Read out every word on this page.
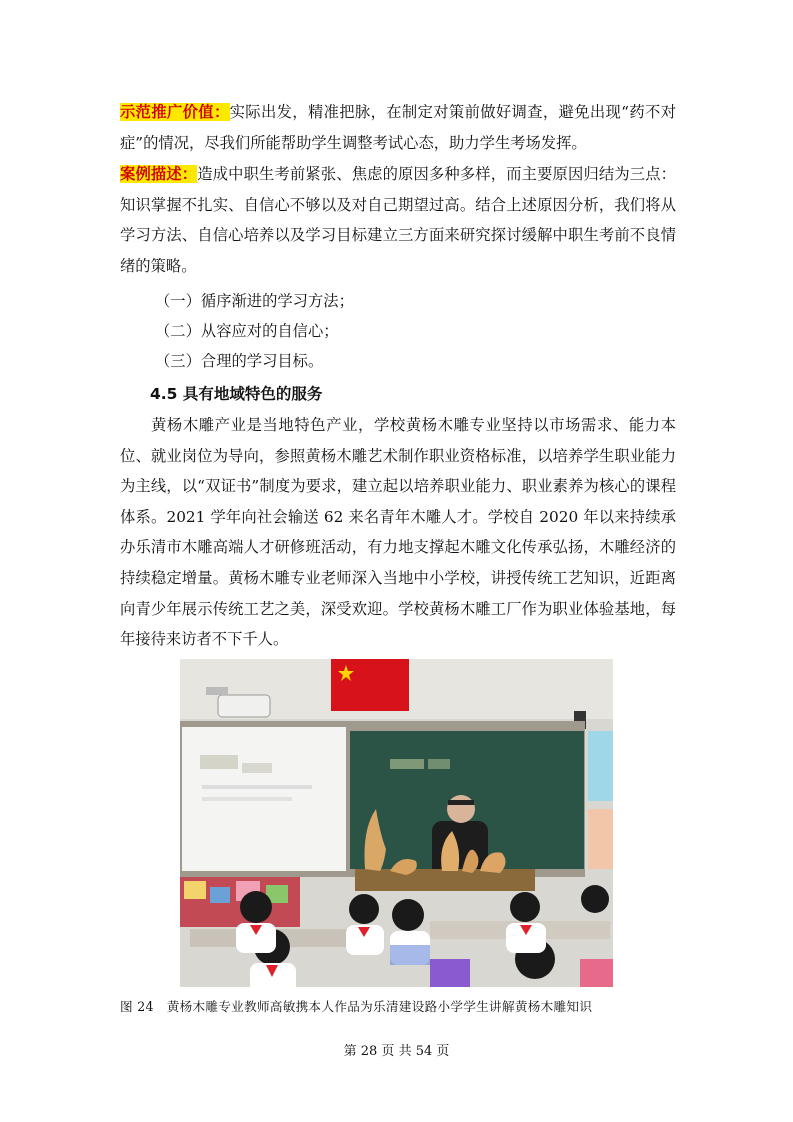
示范推广价值：实际出发，精准把脉，在制定对策前做好调查，避免出现“药不对症”的情况，尽我们所能帮助学生调整考试心态，助力学生考场发挥。

案例描述：造成中职生考前紧张、焦虑的原因多种多样，而主要原因归结为三点：知识掌握不扎实、自信心不够以及对自己期望过高。结合上述原因分析，我们将从学习方法、自信心培养以及学习目标建立三方面来研究探讨缓解中职生考前不良情绪的策略。

（一）循序渐进的学习方法；

（二）从容应对的自信心；

（三）合理的学习目标。

4.5 具有地域特色的服务

黄杨木雕产业是当地特色产业，学校黄杨木雕专业坚持以市场需求、能力本位、就业岗位为导向，参照黄杨木雕艺术制作职业资格标准，以培养学生职业能力为主线，以“双证书”制度为要求，建立起以培养职业能力、职业素养为核心的课程体系。2021 学年向社会输送 62 来名青年木雕人才。学校自 2020 年以来持续承办乐清市木雕高端人才研修班活动，有力地支撑起木雕文化传承弘扬，木雕经济的持续稳定增量。黄杨木雕专业老师深入当地中小学校，讲授传统工艺知识，近距离向青少年展示传统工艺之美，深受欢迎。学校黄杨木雕工厂作为职业体验基地，每年接待来访者不下千人。

图 24　黄杨木雕专业教师高敏携本人作品为乐清建设路小学学生讲解黄杨木雕知识

第 28 页 共 54 页
